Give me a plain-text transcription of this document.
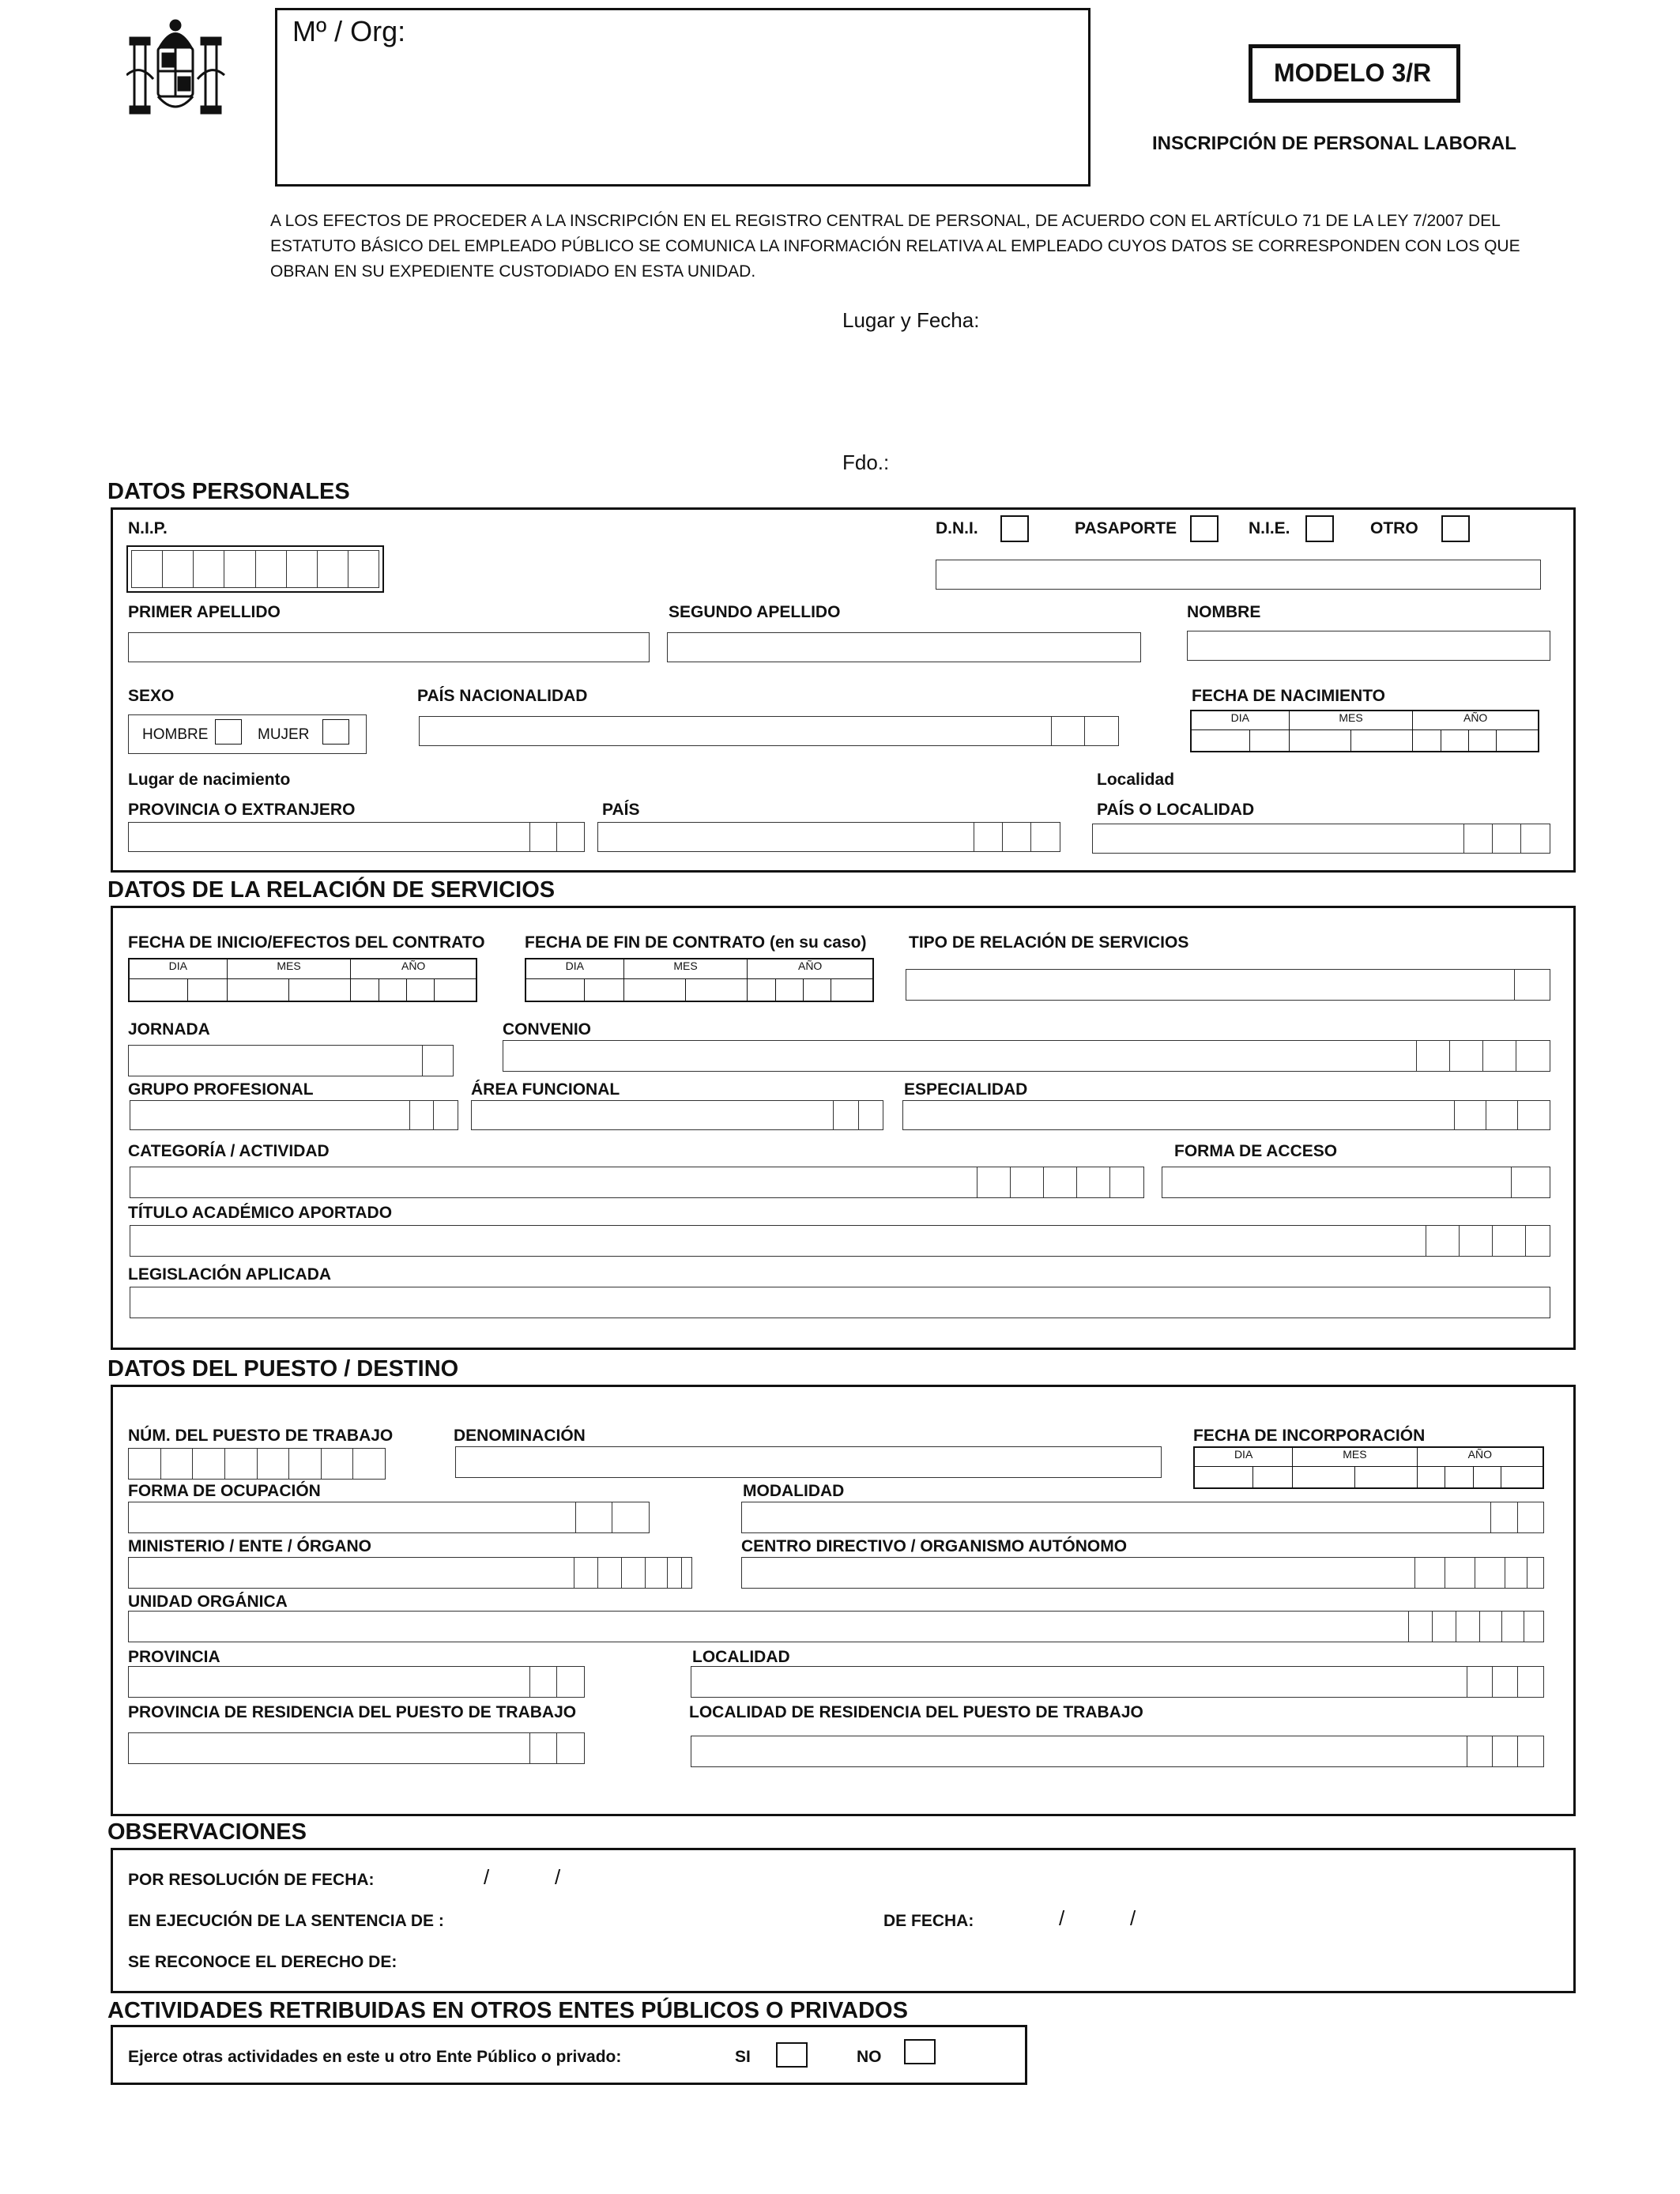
Mº / Org:
MODELO 3/R
INSCRIPCIÓN DE PERSONAL LABORAL
A LOS EFECTOS DE PROCEDER A LA INSCRIPCIÓN EN EL REGISTRO CENTRAL DE PERSONAL, DE ACUERDO CON EL ARTÍCULO 71 DE LA LEY 7/2007 DEL ESTATUTO BÁSICO DEL EMPLEADO PÚBLICO SE COMUNICA LA INFORMACIÓN RELATIVA AL EMPLEADO CUYOS DATOS SE CORRESPONDEN CON LOS QUE OBRAN EN SU EXPEDIENTE CUSTODIADO EN ESTA UNIDAD.
Lugar y Fecha:
Fdo.:
DATOS PERSONALES
N.I.P.	D.N.I.	PASAPORTE	N.I.E.	OTRO
PRIMER APELLIDO	SEGUNDO APELLIDO	NOMBRE
SEXO
HOMBRE	MUJER
PAÍS NACIONALIDAD	FECHA DE NACIMIENTO
DIA		MES		AÑO			

Lugar de nacimiento	Localidad
PROVINCIA O EXTRANJERO	PAÍS	PAÍS O LOCALIDAD
DATOS DE LA RELACIÓN DE SERVICIOS
FECHA DE INICIO/EFECTOS DEL CONTRATO
DIA		MES		AÑO			

FECHA DE FIN DE CONTRATO (en su caso)
DIA		MES		AÑO			

TIPO DE RELACIÓN DE SERVICIOS
JORNADA	CONVENIO
GRUPO PROFESIONAL	ÁREA FUNCIONAL	ESPECIALIDAD
CATEGORÍA / ACTIVIDAD	FORMA DE ACCESO
TÍTULO ACADÉMICO APORTADO
LEGISLACIÓN APLICADA
DATOS DEL PUESTO / DESTINO
NÚM. DEL PUESTO DE TRABAJO	DENOMINACIÓN	FECHA DE INCORPORACIÓN
DIA		MES		AÑO			

FORMA DE OCUPACIÓN	MODALIDAD
MINISTERIO / ENTE / ÓRGANO	CENTRO DIRECTIVO / ORGANISMO AUTÓNOMO
UNIDAD ORGÁNICA
PROVINCIA	LOCALIDAD
PROVINCIA DE RESIDENCIA DEL PUESTO DE TRABAJO	LOCALIDAD DE RESIDENCIA DEL PUESTO DE TRABAJO
OBSERVACIONES
POR RESOLUCIÓN DE FECHA:	/	/
EN EJECUCIÓN DE LA SENTENCIA DE :	DE FECHA:	/	/
SE RECONOCE EL DERECHO DE:
ACTIVIDADES RETRIBUIDAS EN OTROS ENTES PÚBLICOS O PRIVADOS
Ejerce otras actividades en este u otro Ente Público o privado:	SI	NO
